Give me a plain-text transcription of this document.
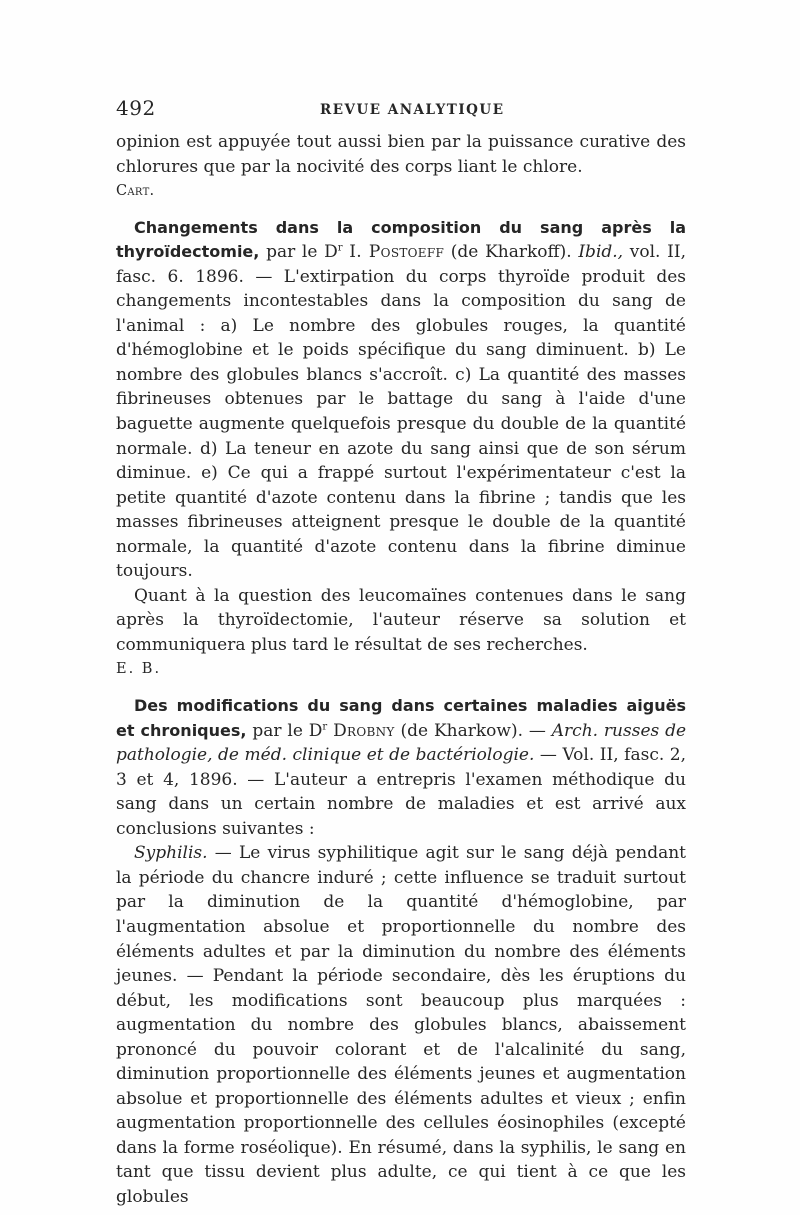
492	REVUE ANALYTIQUE

opinion est appuyée tout aussi bien par la puissance curative des chlorures que par la nocivité des corps liant le chlore.

Cart.

Changements dans la composition du sang après la thyroïdectomie, par le $D^r$ I. Postoeff (de Kharkoff). Ibid., vol. II, fasc. 6. 1896. — L'extirpation du corps thyroïde produit des changements incontestables dans la composition du sang de l'animal : a) Le nombre des globules rouges, la quantité d'hémoglobine et le poids spécifique du sang diminuent. b) Le nombre des globules blancs s'accroît. c) La quantité des masses fibrineuses obtenues par le battage du sang à l'aide d'une baguette augmente quelquefois presque du double de la quantité normale. d) La teneur en azote du sang ainsi que de son sérum diminue. e) Ce qui a frappé surtout l'expérimentateur c'est la petite quantité d'azote contenu dans la fibrine ; tandis que les masses fibrineuses atteignent presque le double de la quantité normale, la quantité d'azote contenu dans la fibrine diminue toujours.

Quant à la question des leucomaïnes contenues dans le sang après la thyroïdectomie, l'auteur réserve sa solution et communiquera plus tard le résultat de ses recherches.

E. B.

Des modifications du sang dans certaines maladies aiguës et chroniques, par le $D^r$ Drobny (de Kharkow). — Arch. russes de pathologie, de méd. clinique et de bactériologie. — Vol. II, fasc. 2, 3 et 4, 1896. — L'auteur a entrepris l'examen méthodique du sang dans un certain nombre de maladies et est arrivé aux conclusions suivantes :

Syphilis. — Le virus syphilitique agit sur le sang déjà pendant la période du chancre induré ; cette influence se traduit surtout par la diminution de la quantité d'hémoglobine, par l'augmentation absolue et proportionnelle du nombre des éléments adultes et par la diminution du nombre des éléments jeunes. — Pendant la période secondaire, dès les éruptions du début, les modifications sont beaucoup plus marquées : augmentation du nombre des globules blancs, abaissement prononcé du pouvoir colorant et de l'alcalinité du sang, diminution proportionnelle des éléments jeunes et augmentation absolue et proportionnelle des éléments adultes et vieux ; enfin augmentation proportionnelle des cellules éosinophiles (excepté dans la forme roséolique). En résumé, dans la syphilis, le sang en tant que tissu devient plus adulte, ce qui tient à ce que les globules
